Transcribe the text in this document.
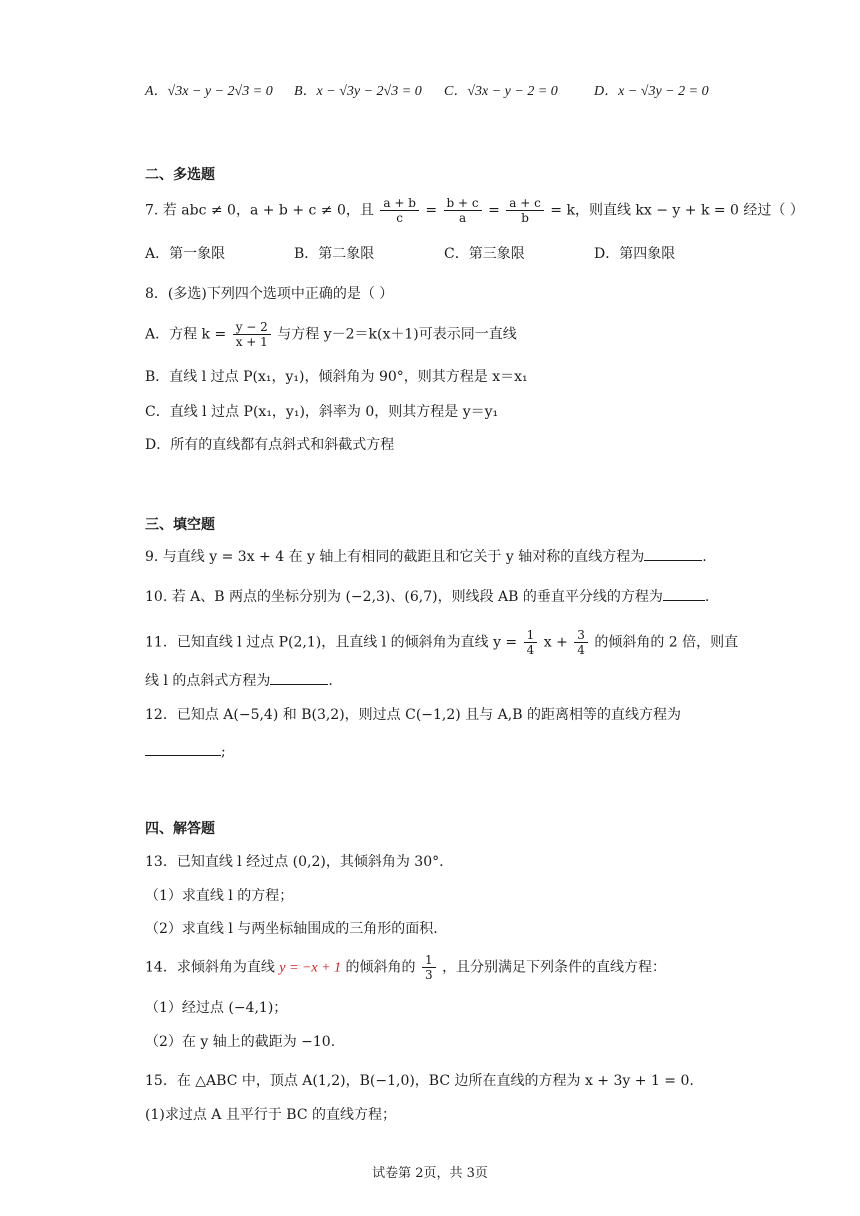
A．√3x − y − 2√3 = 0 B．x − √3y − 2√3 = 0 C．√3x − y − 2 = 0	D．x − √3y − 2 = 0
二、多选题
7. 若 abc ≠ 0，a + b + c ≠ 0，且 $\frac{a + b}{c} = \frac{b + c}{a} = \frac{a + c}{b} = k$，则直线 kx − y + k = 0 经过（ ）
A．第一象限	B．第二象限	C．第三象限	D．第四象限
8．(多选)下列四个选项中正确的是（ ）
A．方程 $k = \frac{y - 2}{x + 1}$ 与方程 y－2＝k(x＋1)可表示同一直线
B．直线 l 过点 P(x₁，y₁)，倾斜角为 90°，则其方程是 x＝x₁
C．直线 l 过点 P(x₁，y₁)，斜率为 0，则其方程是 y＝y₁
D．所有的直线都有点斜式和斜截式方程
三、填空题
9. 与直线 y = 3x + 4 在 y 轴上有相同的截距且和它关于 y 轴对称的直线方程为	.
10. 若 A、B 两点的坐标分别为 (−2,3)、(6,7)，则线段 AB 的垂直平分线的方程为	.
11．已知直线 l 过点 P(2,1)，且直线 l 的倾斜角为直线 $y = \frac{1}{4}$ $x + \frac{3}{4}$ 的倾斜角的 2 倍，则直
线 l 的点斜式方程为	.
12．已知点 A(−5,4) 和 B(3,2)，则过点 C(−1,2) 且与 A,B 的距离相等的直线方程为
;
四、解答题
13．已知直线 l 经过点 (0,2)，其倾斜角为 30°.
（1）求直线 l 的方程；
（2）求直线 l 与两坐标轴围成的三角形的面积.
14．求倾斜角为直线 y = −x + 1 的倾斜角的 $\frac{1}{3}$ ，且分别满足下列条件的直线方程：
（1）经过点 (−4,1)；
（2）在 y 轴上的截距为 −10.
15．在 △ABC 中，顶点 A(1,2)，B(−1,0)，BC 边所在直线的方程为 x + 3y + 1 = 0.
(1)求过点 A 且平行于 BC 的直线方程；
试卷第 2页，共 3页
